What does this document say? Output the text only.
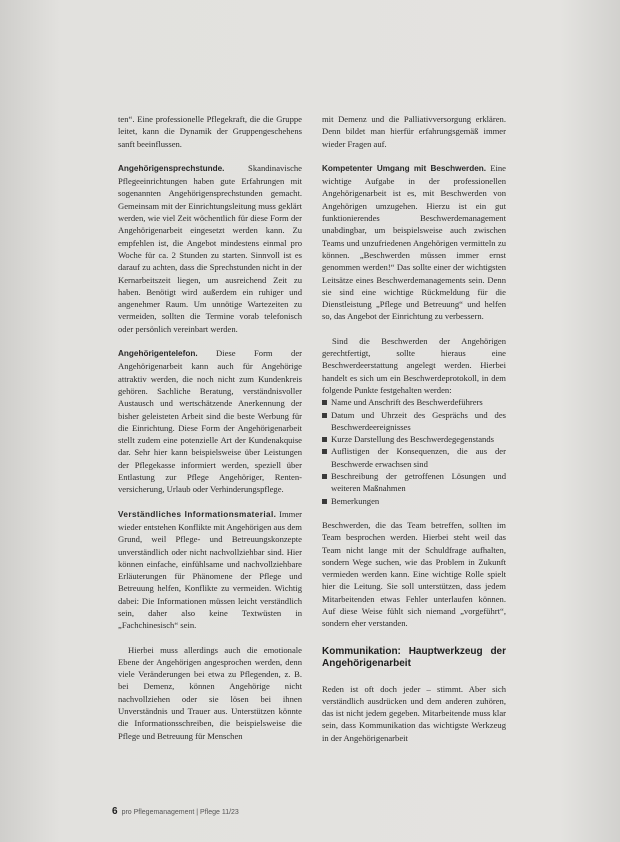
ten“. Eine professionelle Pflegekraft, die die Gruppe leitet, kann die Dynamik der Gruppengeschehens sanft beeinflussen.

Angehörigensprechstunde. Skandinavische Pflegeeinrichtungen haben gute Erfahrungen mit sogenannten Angehörigensprechstunden gemacht. Gemeinsam mit der Einrichtungsleitung muss geklärt werden, wie viel Zeit wöchentlich für diese Form der Angehörigenarbeit eingesetzt werden kann. Zu empfehlen ist, die Angebot mindestens einmal pro Woche für ca. 2 Stunden zu starten. Sinnvoll ist es darauf zu achten, dass die Sprechstunden nicht in der Kernarbeitszeit liegen, um ausreichend Zeit zu haben. Benötigt wird außerdem ein ruhiger und angenehmer Raum. Um unnötige Wartezeiten zu vermeiden, sollten die Termine vorab telefonisch oder persönlich vereinbart werden.

Angehörigentelefon. Diese Form der Angehörigenarbeit kann auch für Angehörige attraktiv werden, die noch nicht zum Kundenkreis gehören. Sachliche Beratung, verständnisvoller Austausch und wertschätzende Anerkennung der bisher geleisteten Arbeit sind die beste Werbung für die Einrichtung. Diese Form der Angehörigenarbeit stellt zudem eine potenzielle Art der Kundenakquise dar. Sehr hier kann beispielsweise über Leistungen der Pflegekasse informiert werden, speziell über Entlastung zur Pflege Angehöriger, Renten-versicherung, Urlaub oder Verhinderungspflege.

Verständliches Informationsmaterial. Immer wieder entstehen Konflikte mit Angehörigen aus dem Grund, weil Pflege- und Betreuungskonzepte unverständlich oder nicht nachvollziehbar sind. Hier können einfache, einfühlsame und nachvollziehbare Erläuterungen für Phänomene der Pflege und Betreuung helfen, Konflikte zu vermeiden. Wichtig dabei: Die Informationen müssen leicht verständlich sein, daher also keine Textwüsten in „Fachchinesisch“ sein.

Hierbei muss allerdings auch die emotionale Ebene der Angehörigen angesprochen werden, denn viele Veränderungen bei etwa zu Pflegenden, z. B. bei Demenz, können Angehörige nicht nachvollziehen oder sie lösen bei ihnen Unverständnis und Trauer aus. Unterstützen könnte die Informationsschreiben, die beispielsweise die Pflege und Betreuung für Menschen

mit Demenz und die Palliativversorgung erklären. Denn bildet man hierfür erfahrungsgemäß immer wieder Fragen auf.

Kompetenter Umgang mit Beschwerden. Eine wichtige Aufgabe in der professionellen Angehörigenarbeit ist es, mit Beschwerden von Angehörigen umzugehen. Hierzu ist ein gut funktionierendes Beschwerdemanagement unabdingbar, um beispielsweise auch zwischen Teams und unzufriedenen Angehörigen vermitteln zu können. „Beschwerden müssen immer ernst genommen werden!“ Das sollte einer der wichtigsten Leitsätze eines Beschwerdemanagements sein. Denn sie sind eine wichtige Rückmeldung für die Dienstleistung „Pflege und Betreuung“ und helfen so, das Angebot der Einrichtung zu verbessern.

Sind die Beschwerden der Angehörigen gerechtfertigt, sollte hieraus eine Beschwerdeerstattung angelegt werden. Hierbei handelt es sich um ein Beschwerdeprotokoll, in dem folgende Punkte festgehalten werden:

Name und Anschrift des Beschwerdeführers
Datum und Uhrzeit des Gesprächs und des Beschwerdeereignisses
Kurze Darstellung des Beschwerdegegenstands
Auflistigen der Konsequenzen, die aus der Beschwerde erwachsen sind
Beschreibung der getroffenen Lösungen und weiteren Maßnahmen
Bemerkungen

Beschwerden, die das Team betreffen, sollten im Team besprochen werden. Hierbei steht weil das Team nicht lange mit der Schuldfrage aufhalten, sondern Wege suchen, wie das Problem in Zukunft vermieden werden kann. Eine wichtige Rolle spielt hier die Leitung. Sie soll unterstützen, dass jedem Mitarbeitenden etwas Fehler unterlaufen können. Auf diese Weise fühlt sich niemand „vorgeführt“, sondern eher verstanden.

Kommunikation: Hauptwerkzeug der Angehörigenarbeit

Reden ist oft doch jeder – stimmt. Aber sich verständlich ausdrücken und dem anderen zuhören, das ist nicht jedem gegeben. Mitarbeitende muss klar sein, dass Kommunikation das wichtigste Werkzeug in der Angehörigenarbeit

6 pro Pflegemanagement | Pflege 11/23
